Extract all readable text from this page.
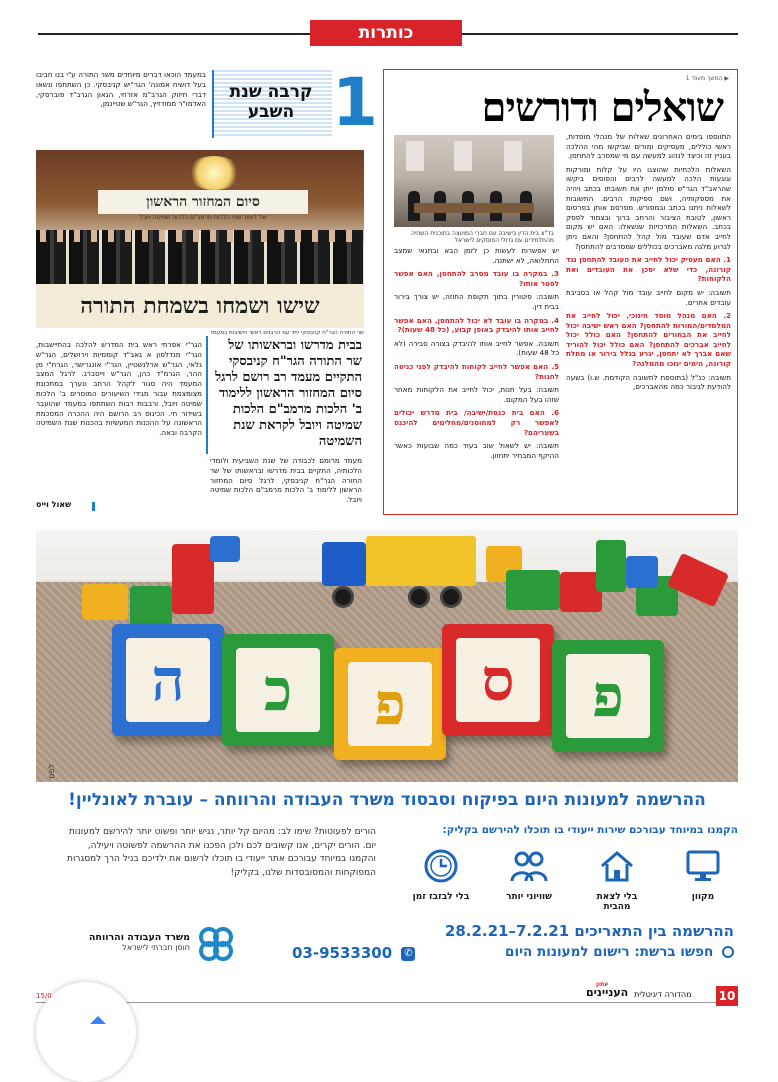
כותרות
▶ המשך מעמ' 1
שואלים ודורשים
בד"צ בית הדין בישיבה עם חברי המועצה בתוכנית השחיה מהתלמידים עם גדולי הפוסקים לישראל

התווספו בימים האחרונים שאלות של מנהלי מוסדות, ראשי כוללים, מעסיקים ומורים שביקשו מהי ההלכה בעניין זה וכיצד לנהוג למעשה עם מי שמסרב להתחסן.

השאלות הלכתיות שהוצגו היו על קלות ומורקות וגוגעות הלכה למעשה לרבים והפוסים ביקשו שהראב"ד הגר"ש סולמן ייתן את תשובתו בכתב ויהיה את מספקותיה, ושם ספיקות הרבים. התשובות לשאלות ניתנו בכתב ובמפורש. מפרסם אותן בפרסום ראשון, לטובת הציבור והרחב ברוך ובצמוד לפסק בכתב. השאלות המרכזיות שנשאלו: האם יש מקום לחייב אדם שעובד מול קהל להתחסן? והאם ניתן לגרוע מלגה מאברכים בכוללים שמסרבים להתחסן?

1. האם מעסיק יכול לחייב את העובד להתחסן נגד קורונה, כדי שלא יסכן את העובדים ואת הלקוחות?

תשובה: יש מקום לחייב עובד מול קהל או בסביבת עובדים אחרים.

2. האם מנהל מוסד חינוכי, יכול לחייב את המלמדים/המורות להתחסן? האם ראש ישיבה יכול לחייב את הבחורים להתחסן? האם כולל יכול לחייב אברכים להתחסן? האם כולל יכול להוריד שאם אברך לא יתחסן, יגרע בגלל בירור או מחלת קורונה, הימים יגוכו מהמלגה?

תשובה: כנ"ל (בתוספת לתשובה הקודמת. ש.ו) בשעה להודעת לגיבור כמה מהאברכים,

יש אפשרות לעשות כן לזמן הבא ובתנאי שמצב התחלואה, לא ישתנה.

3. במקרה בו עובד מסרב להתחסן, האם אפשר לפטר אותו?

תשובה: פיטורין בתוך תקופת החוזה, יש צורך בירור בבית דין.

4. במקרה בו עובד לא יכול להתחסן, האם אפשר לחייב אותו להיבדק באופן קבוע, (כל 48 שעות)?

תשובה. אפשר לחייב אותו להיבדק בצורה סבירה (לא כל 48 שעות).

5. האם אפשר לחייב לקוחות להיבדק לפני כניסה לחנות?

תשובה: בעל חנות, יכול לחייב את הלקוחות מאחר שזהו בעל המקום.

6. האם בית כנסת/ישיבה/ בית מדרש יכולים לאפשר רק למחוסנים/מחלימים להיכנס בשעריהם?

תשובה: יש לשאול שוב בעוד כמה שבועות כאשר ההיקף המבחיר יתחוון.

1
קרבה שנת השבע
במעמד הוכאו דברים מיוחדים משר התורה ע"י בנו חביבו בעל דושיח אמונה' הגר"יש קניבסקי. כן השתתפו ונשאו דברי חיזוק הגרב"מ אזרחי, הגאון הגרב"ד פוברסקי, האדמו"ר ממודזיץ, הגר"ש שטיינמן,
סיום המחזור הראשון
של לימוד שתי הלכות מרמב"ם הלכות שמיטה ויובל
שישו ושמחו בשמחת התורה
שר התורה הגר"ח קניבסקי יחד עם הרבנים ראשי הישיבות במעמד
בבית מדרשו ובראשותו של שר התורה הגר"ח קניבסקי התקיים מעמד רב רושם לרגל סיום המחזור הראשון ללימוד ב' הלכות מרמב"ם הלכות שמיטה ויובל לקראת שנת השמיטה
מעמד מרומם לכבודה של שנת השביעית ולומדי הלכותיה, התקיים בבית מדרשו ובראשותו של שר התורה הגר"ח קניבסקי, לרגל סיום המחזור הראשון ללימוד ב' הלכות מרמב"ם הלכות שמיטה ויובל.
הגר"י אפרתי ראש בית המדרש להלכה בהתיישבות, הגר"י מנדלסון א גאב"ד קוממיות וירושלים, הגר"ש גלאי, הגר"ש ארלנשטיין, הגר"י אונגרישר, הגרח"י מן ההר, הגרמ"ד כהן, הגר"ש וייסברג. לרגל המצב המעמד היה סגור לקהל הרחב ונערך במתכונת מצומצמת עבור מגידי השיעורים המוסרים ב' הלכות שמיטה ויובל, ורבבות רבות השתתפו במעמד שהועבר בשידור חי. הכינוס רב הרושם היה ההכרה המסכמת הראשונה על ההכנות המעשיות בהכנות שנת השמיטה הקרבה ובאה.
שאול וייס
ה	כ	פ	ס	פ
לפס
ההרשמה למעונות היום בפיקוח וסבסוד משרד העבודה והרווחה – עוברת לאונליין!
הקמנו במיוחד עבורכם שירות ייעודי בו תוכלו להירשם בקליק:
מקוון
בלי לצאת מהבית
שוויוני יותר
בלי לבזבז זמן
הורים לפעוטות? שימו לב: מהיום קל יותר, נגיש יותר ופשוט יותר להירשם למעונות יום. הורים יקרים, אנו קשובים לכם ולכן הפכנו את ההרשמה לפשוטה ויעילה, והקמנו במיוחד עבורכם אתר ייעודי בו תוכלו לרשום את ילדיכם בניל הרך למסגרות המפוקחות והמסובסדות שלנו, בקליק!
ההרשמה בין התאריכים 7.2.21–28.2.21
חפשו ברשת: רישום למעונות היום
03-9533300 ✆
משרד העבודה והרווחה
חוסן חברתי לישראל
10
מהדורה דיגיטלית
עתון
העניינים
15/0
